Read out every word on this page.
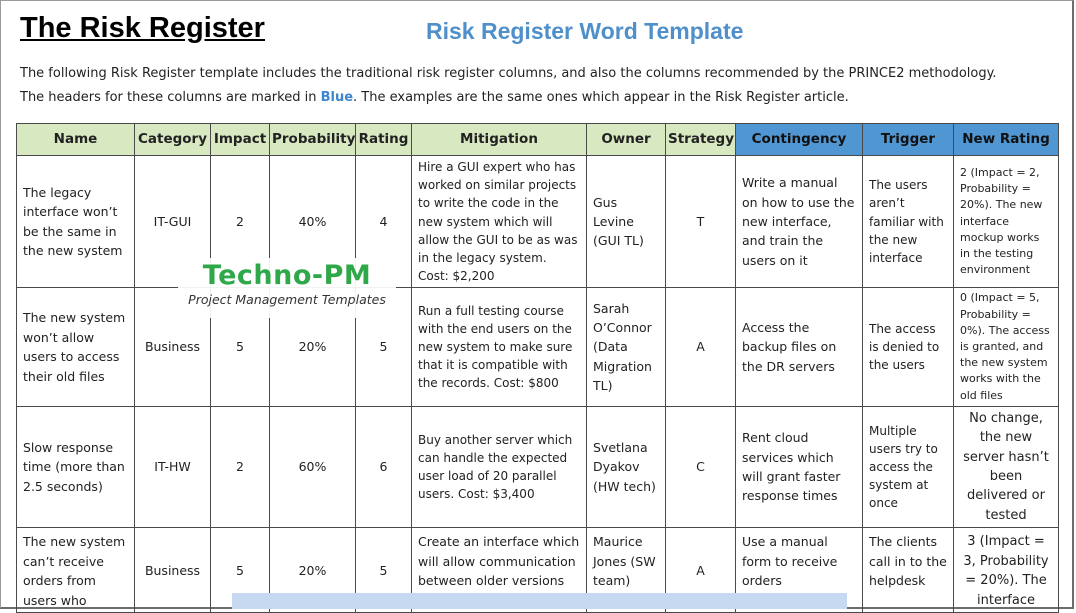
The Risk Register	Risk Register Word Template

The following Risk Register template includes the traditional risk register columns, and also the columns recommended by the PRINCE2 methodology.

The headers for these columns are marked in Blue. The examples are the same ones which appear in the Risk Register article.

Name	Category	Impact	Probability	Rating	Mitigation	Owner	Strategy	Contingency	Trigger	New Rating
The legacy interface won’t be the same in the new system	IT-GUI	2	40%	4	Hire a GUI expert who has worked on similar projects to write the code in the new system which will allow the GUI to be as was in the legacy system. Cost: $2,200	Gus Levine (GUI TL)	T	Write a manual on how to use the new interface, and train the users on it	The users aren’t familiar with the new interface	2 (Impact = 2, Probability = 20%). The new interface mockup works in the testing environment
The new system won’t allow users to access their old files	Business	5	20%	5	Run a full testing course with the end users on the new system to make sure that it is compatible with the records. Cost: $800	Sarah O’Connor (Data Migration TL)	A	Access the backup files on the DR servers	The access is denied to the users	0 (Impact = 5, Probability = 0%). The access is granted, and the new system works with the old files
Slow response time (more than 2.5 seconds)	IT-HW	2	60%	6	Buy another server which can handle the expected user load of 20 parallel users. Cost: $3,400	Svetlana Dyakov (HW tech)	C	Rent cloud services which will grant faster response times	Multiple users try to access the system at once	No change, the new server hasn’t been delivered or tested
The new system can’t receive orders from users who	Business	5	20%	5	Create an interface which will allow communication between older versions	Maurice Jones (SW team)	A	Use a manual form to receive orders	The clients call in to the helpdesk	3 (Impact = 3, Probability = 20%). The interface
Techno-PM
Project Management Templates
